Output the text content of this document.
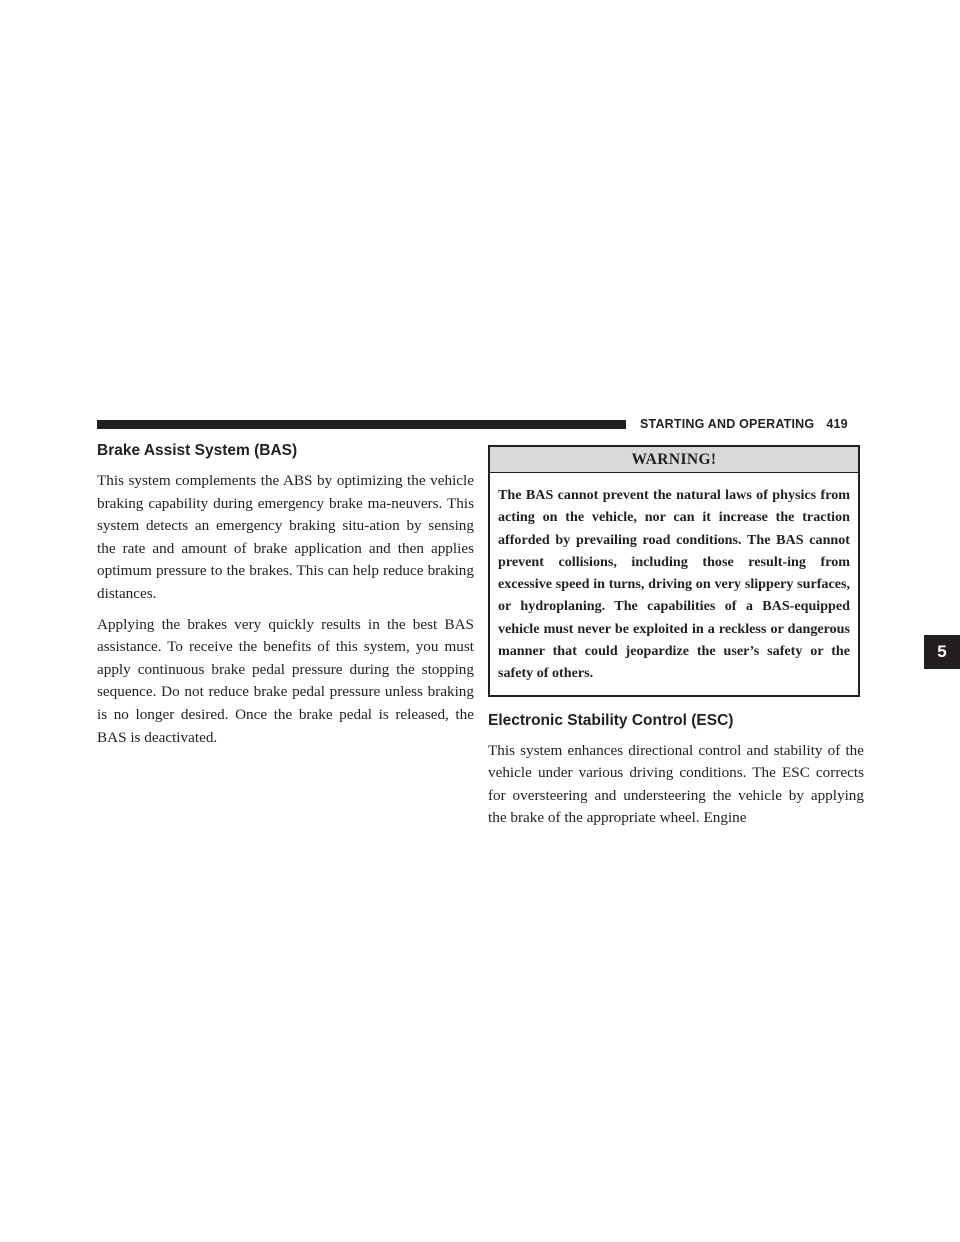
STARTING AND OPERATING 419
5
Brake Assist System (BAS)

This system complements the ABS by optimizing the vehicle braking capability during emergency brake ma-neuvers. This system detects an emergency braking situ-ation by sensing the rate and amount of brake application and then applies optimum pressure to the brakes. This can help reduce braking distances.

Applying the brakes very quickly results in the best BAS assistance. To receive the benefits of this system, you must apply continuous brake pedal pressure during the stopping sequence. Do not reduce brake pedal pressure unless braking is no longer desired. Once the brake pedal is released, the BAS is deactivated.

WARNING!
The BAS cannot prevent the natural laws of physics from acting on the vehicle, nor can it increase the traction afforded by prevailing road conditions. The BAS cannot prevent collisions, including those result-ing from excessive speed in turns, driving on very slippery surfaces, or hydroplaning. The capabilities of a BAS-equipped vehicle must never be exploited in a reckless or dangerous manner that could jeopardize the user’s safety or the safety of others.
Electronic Stability Control (ESC)

This system enhances directional control and stability of the vehicle under various driving conditions. The ESC corrects for oversteering and understeering the vehicle by applying the brake of the appropriate wheel. Engine
